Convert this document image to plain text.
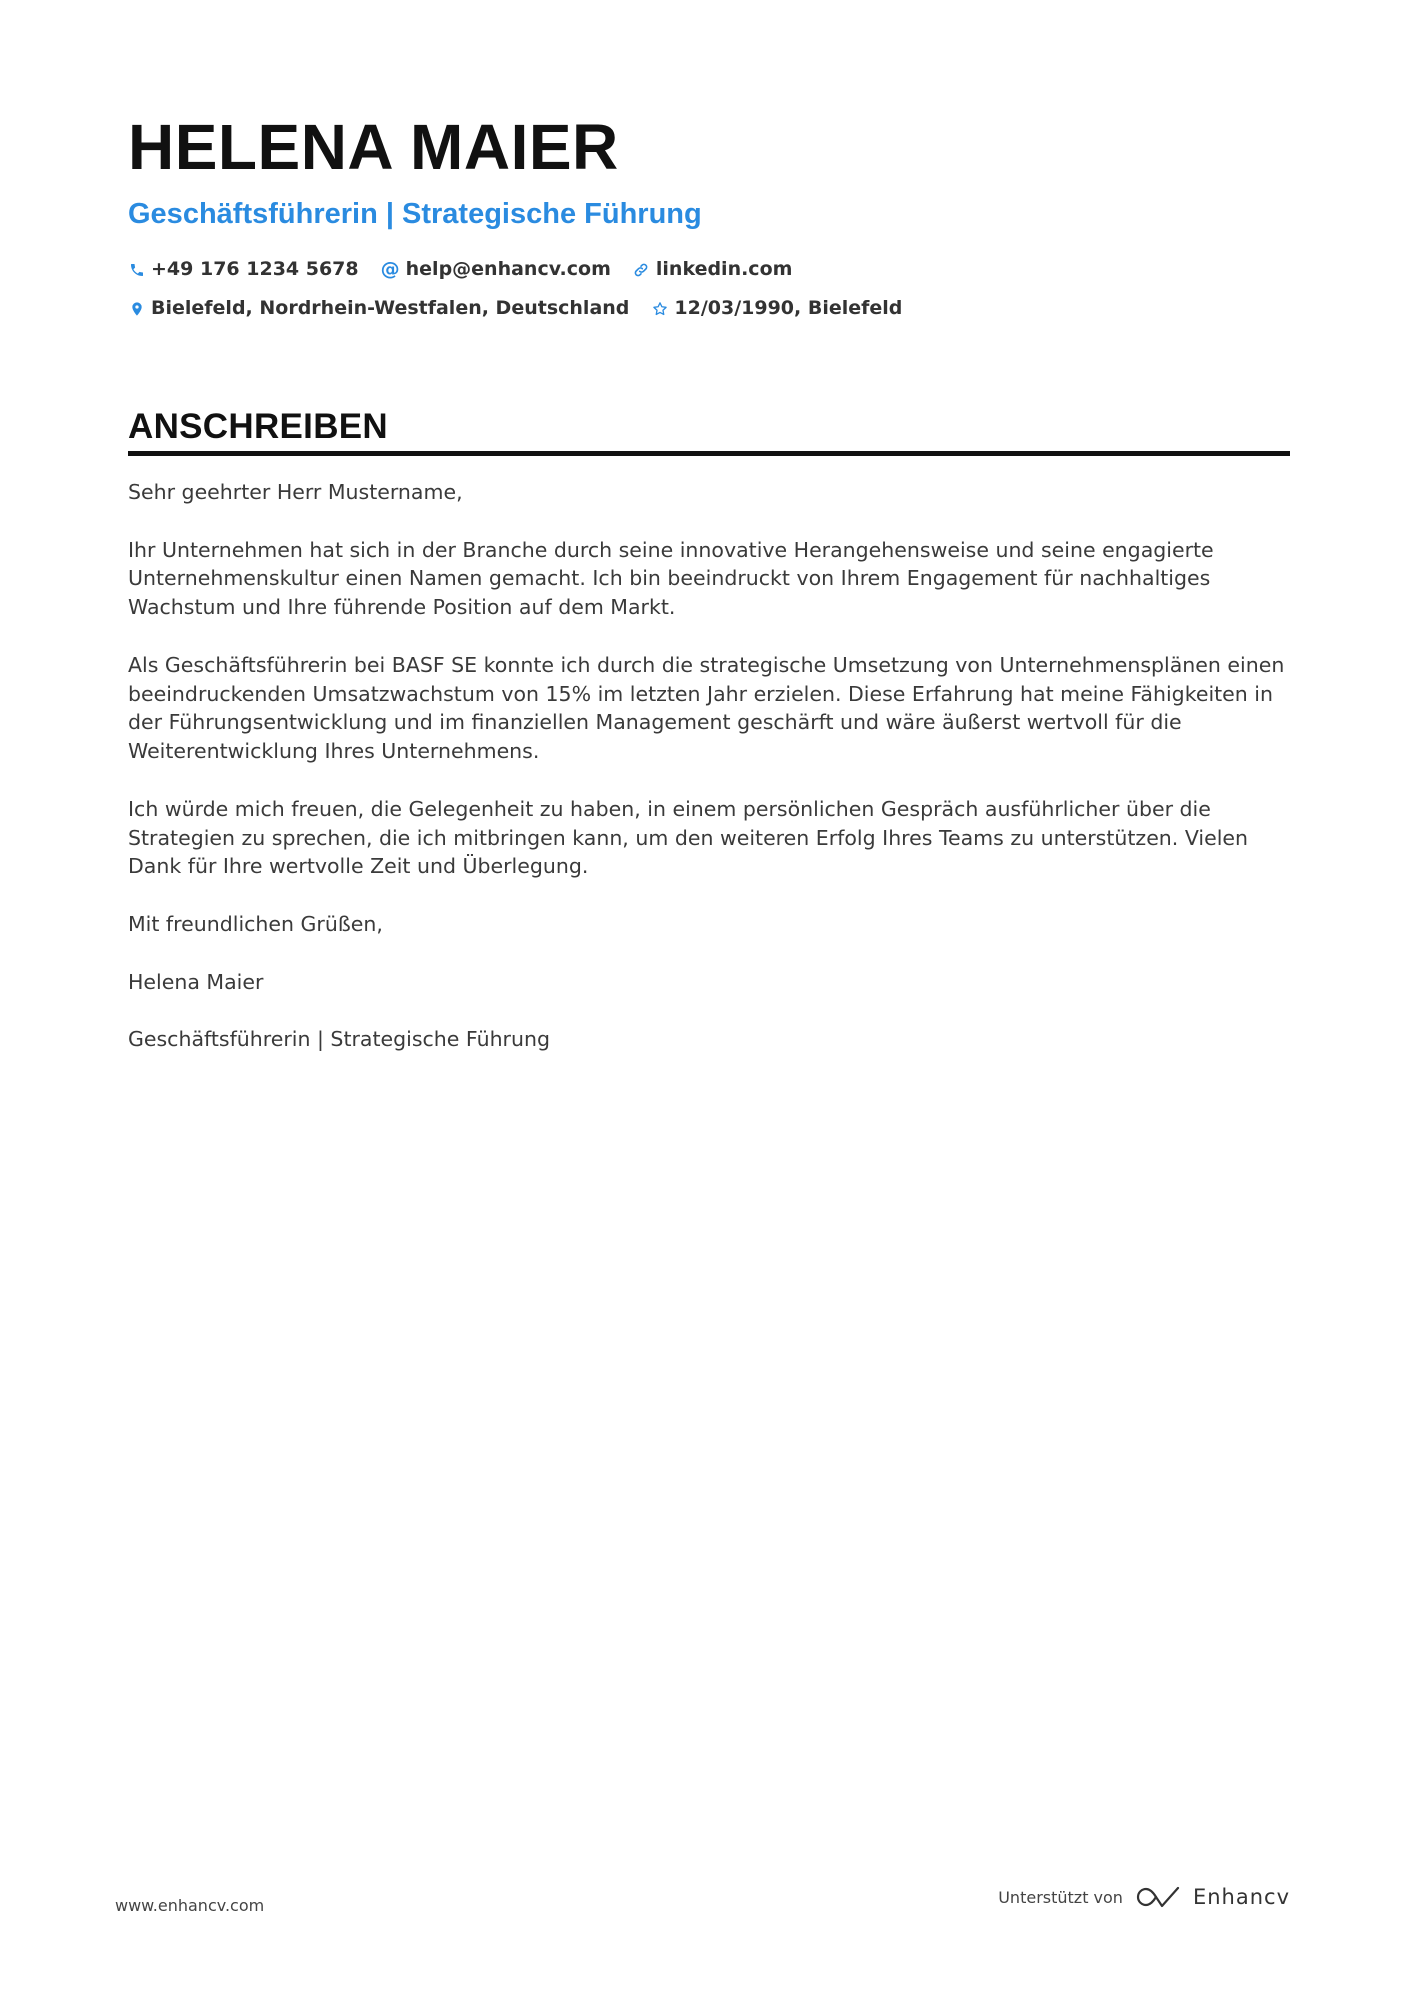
HELENA MAIER
Geschäftsführerin | Strategische Führung
+49 176 1234 5678 @ help@enhancv.com linkedin.com
Bielefeld, Nordrhein-Westfalen, Deutschland 12/03/1990, Bielefeld
ANSCHREIBEN

Sehr geehrter Herr Mustername,

Ihr Unternehmen hat sich in der Branche durch seine innovative Herangehensweise und seine engagierte Unternehmenskultur einen Namen gemacht. Ich bin beeindruckt von Ihrem Engagement für nachhaltiges Wachstum und Ihre führende Position auf dem Markt.

Als Geschäftsführerin bei BASF SE konnte ich durch die strategische Umsetzung von Unternehmensplänen einen beeindruckenden Umsatzwachstum von 15% im letzten Jahr erzielen. Diese Erfahrung hat meine Fähigkeiten in der Führungsentwicklung und im finanziellen Management geschärft und wäre äußerst wertvoll für die Weiterentwicklung Ihres Unternehmens.

Ich würde mich freuen, die Gelegenheit zu haben, in einem persönlichen Gespräch ausführlicher über die Strategien zu sprechen, die ich mitbringen kann, um den weiteren Erfolg Ihres Teams zu unterstützen. Vielen Dank für Ihre wertvolle Zeit und Überlegung.

Mit freundlichen Grüßen,

Helena Maier

Geschäftsführerin | Strategische Führung

www.enhancv.com	Unterstützt von	Enhancv
